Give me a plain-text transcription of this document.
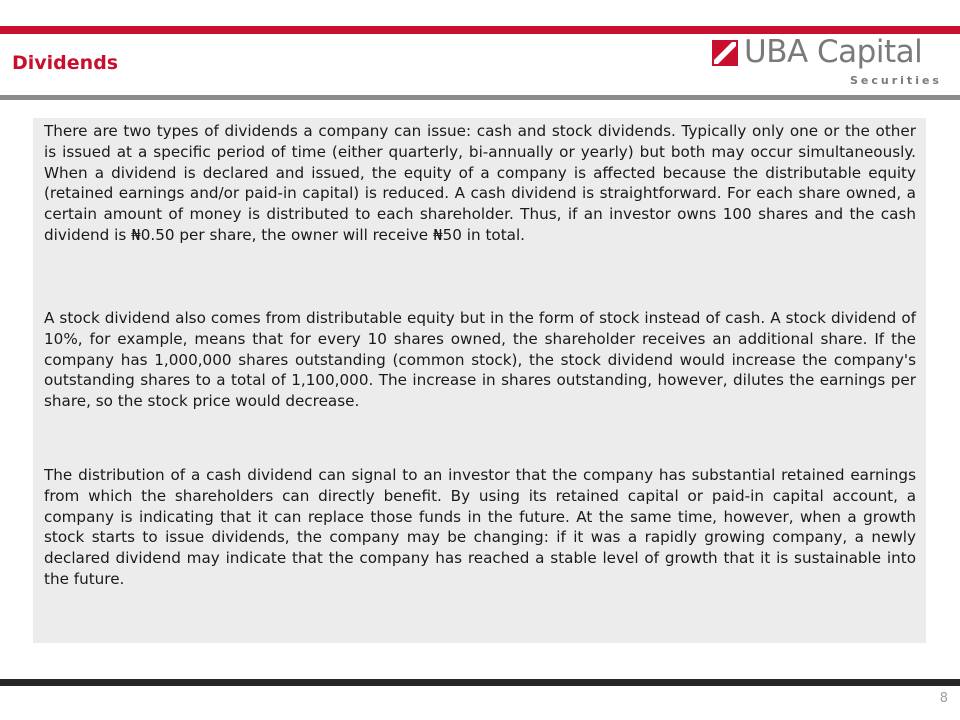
Dividends	UBA Capital
Securities

There are two types of dividends a company can issue: cash and stock dividends. Typically only one or the other is issued at a specific period of time (either quarterly, bi-annually or yearly) but both may occur simultaneously. When a dividend is declared and issued, the equity of a company is affected because the distributable equity (retained earnings and/or paid-in capital) is reduced. A cash dividend is straightforward. For each share owned, a certain amount of money is distributed to each shareholder. Thus, if an investor owns 100 shares and the cash dividend is ₦0.50 per share, the owner will receive ₦50 in total.

A stock dividend also comes from distributable equity but in the form of stock instead of cash. A stock dividend of 10%, for example, means that for every 10 shares owned, the shareholder receives an additional share. If the company has 1,000,000 shares outstanding (common stock), the stock dividend would increase the company's outstanding shares to a total of 1,100,000. The increase in shares outstanding, however, dilutes the earnings per share, so the stock price would decrease.

The distribution of a cash dividend can signal to an investor that the company has substantial retained earnings from which the shareholders can directly benefit. By using its retained capital or paid-in capital account, a company is indicating that it can replace those funds in the future. At the same time, however, when a growth stock starts to issue dividends, the company may be changing: if it was a rapidly growing company, a newly declared dividend may indicate that the company has reached a stable level of growth that it is sustainable into the future.

8
